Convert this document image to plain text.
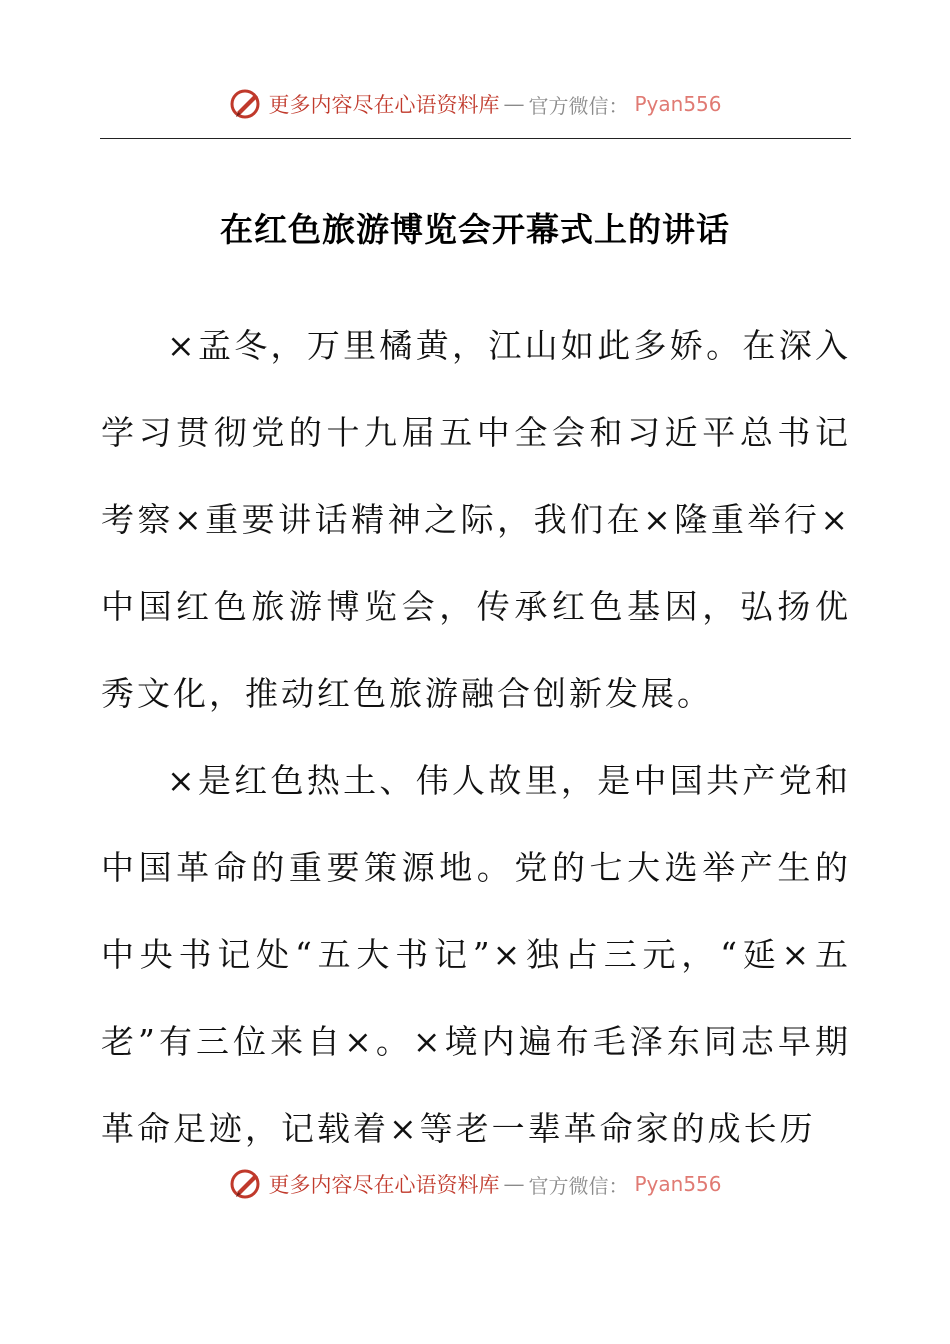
更多内容尽在心语资料库 — 官方微信： Pyan556
在红色旅游博览会开幕式上的讲话

×孟冬，万里橘黄，江山如此多娇。在深入学习贯彻党的十九届五中全会和习近平总书记考察×重要讲话精神之际，我们在×隆重举行×中国红色旅游博览会，传承红色基因，弘扬优秀文化，推动红色旅游融合创新发展。

×是红色热土、伟人故里，是中国共产党和中国革命的重要策源地。党的七大选举产生的中央书记处“五大书记”×独占三元，“延×五老”有三位来自×。×境内遍布毛泽东同志早期革命足迹，记载着×等老一辈革命家的成长历

更多内容尽在心语资料库 — 官方微信： Pyan556
